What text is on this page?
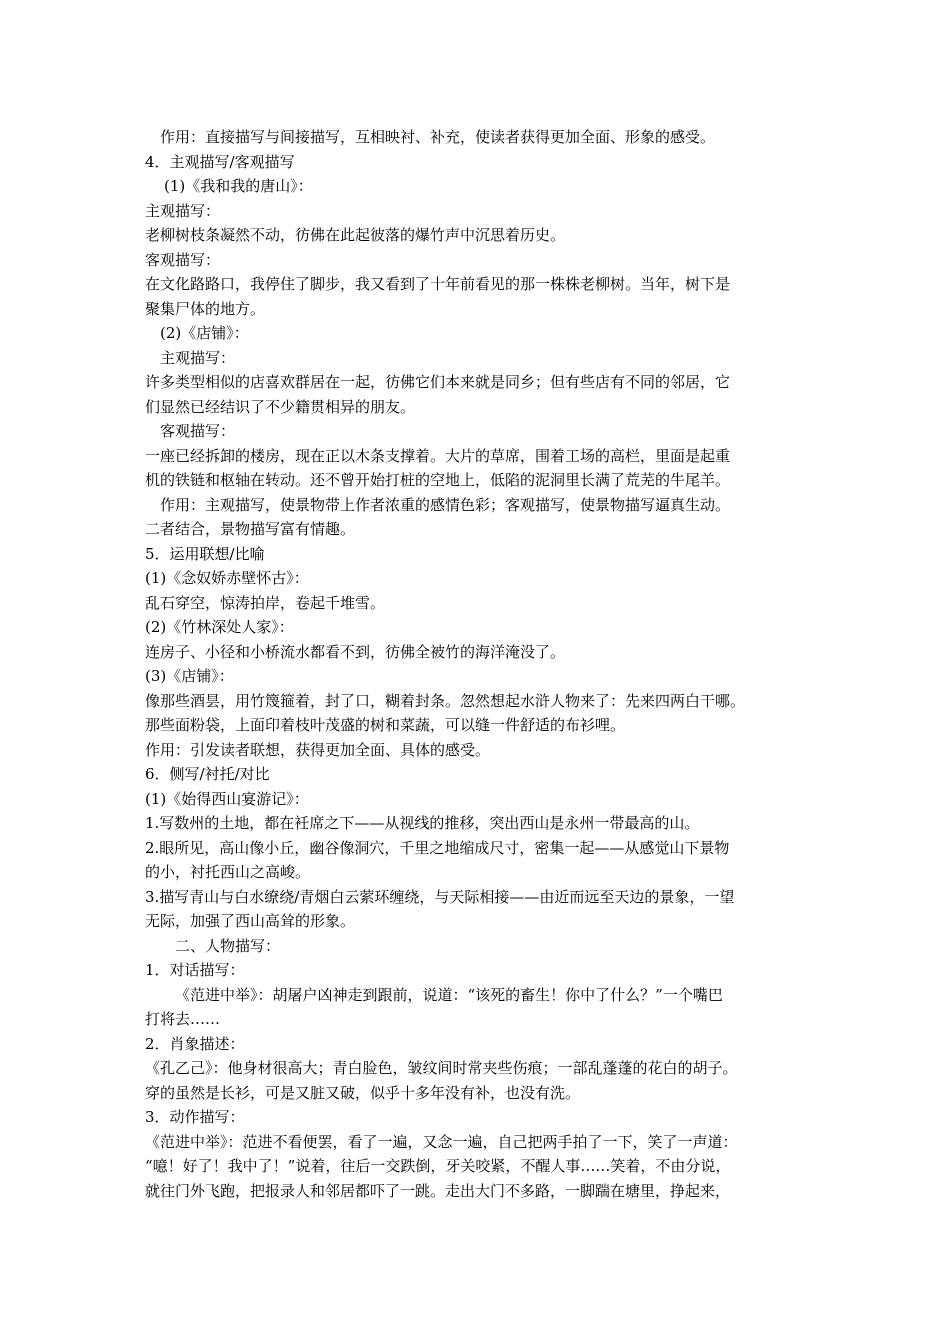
作用：直接描写与间接描写，互相映衬、补充，使读者获得更加全面、形象的感受。
4．主观描写/客观描写
(1)《我和我的唐山》：
主观描写：
老柳树枝条凝然不动，彷佛在此起彼落的爆竹声中沉思着历史。
客观描写：
在文化路路口，我停住了脚步，我又看到了十年前看见的那一株株老柳树。当年，树下是
聚集尸体的地方。
(2)《店铺》：
主观描写：
许多类型相似的店喜欢群居在一起，彷佛它们本来就是同乡；但有些店有不同的邻居，它
们显然已经结识了不少籍贯相异的朋友。
客观描写：
一座已经拆卸的楼房，现在正以木条支撑着。大片的草席，围着工场的高栏，里面是起重
机的铁链和枢轴在转动。还不曾开始打桩的空地上，低陷的泥洞里长满了荒芜的牛尾羊。
作用：主观描写，使景物带上作者浓重的感情色彩；客观描写，使景物描写逼真生动。
二者结合，景物描写富有情趣。
5．运用联想/比喻
(1)《念奴娇赤壁怀古》：
乱石穿空，惊涛拍岸，卷起千堆雪。
(2)《竹林深处人家》：
连房子、小径和小桥流水都看不到，彷佛全被竹的海洋淹没了。
(3)《店铺》：
像那些酒昙，用竹篾箍着，封了口，糊着封条。忽然想起水浒人物来了：先来四两白干哪。
那些面粉袋，上面印着枝叶茂盛的树和菜蔬，可以缝一件舒适的布衫哩。
作用：引发读者联想，获得更加全面、具体的感受。
6．侧写/衬托/对比
(1)《始得西山宴游记》：
1.写数州的土地，都在衽席之下——从视线的推移，突出西山是永州一带最高的山。
2.眼所见，高山像小丘，幽谷像洞穴，千里之地缩成尺寸，密集一起——从感觉山下景物
的小，衬托西山之高峻。
3.描写青山与白水缭绕/青烟白云萦环缠绕，与天际相接——由近而远至天边的景象，一望
无际，加强了西山高耸的形象。
二、人物描写：
1．对话描写：
《范进中举》：胡屠户凶神走到跟前，说道：“该死的畜生！你中了什么？”一个嘴巴
打将去……
2．肖象描述：
《孔乙己》：他身材很高大；青白脸色，皱纹间时常夹些伤痕；一部乱蓬蓬的花白的胡子。
穿的虽然是长衫，可是又脏又破，似乎十多年没有补，也没有洗。
3．动作描写：
《范进中举》：范进不看便罢，看了一遍，又念一遍，自己把两手拍了一下，笑了一声道：
“噫！好了！我中了！”说着，往后一交跌倒，牙关咬紧，不醒人事……笑着，不由分说，
就往门外飞跑，把报录人和邻居都吓了一跳。走出大门不多路，一脚踹在塘里，挣起来，
